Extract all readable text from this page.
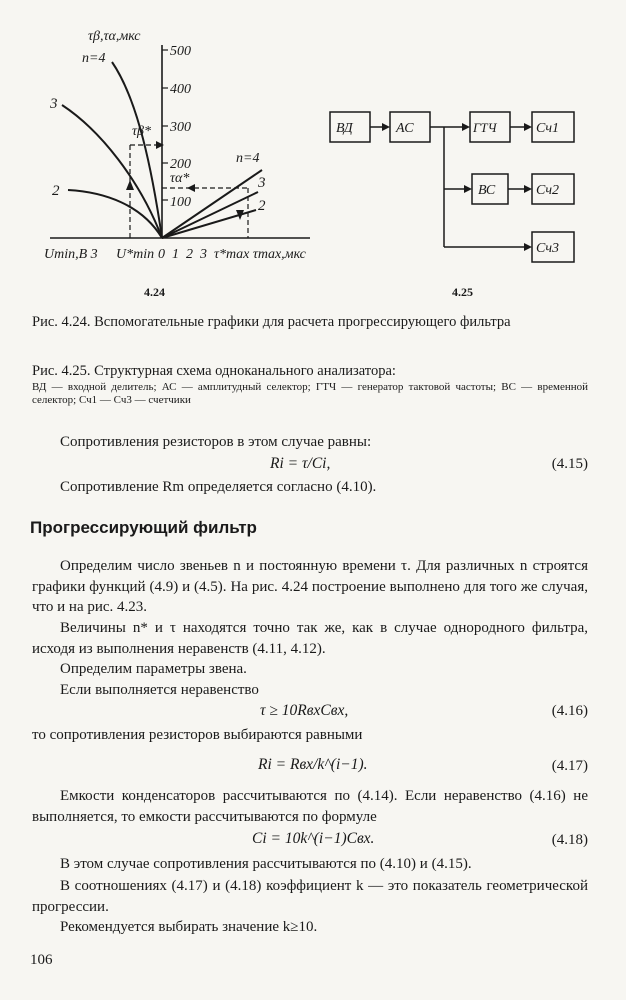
500
400
300
200
100
τβ,τα,мкс
n=4
3
2
τβ*
n=4
3
2
τα*
Umin,В 3 U*min 0  1  2  3 τ*max τmax,мкс
4.24
ВД	АС	ГТЧ	Сч1
ВС	Сч2
Сч3
4.25
Рис. 4.24. Вспомогательные графики для расчета прогрессирующего фильтра
Рис. 4.25. Структурная схема одноканального анализатора:
ВД — входной делитель; АС — амплитудный селектор; ГТЧ — генератор тактовой частоты; ВС — временной селектор; Сч1 — Сч3 — счетчики
Сопротивления резисторов в этом случае равны:
Ri = τ/Ci,	(4.15)
Сопротивление Rm определяется согласно (4.10).
Прогрессирующий фильтр
Определим число звеньев n и постоянную времени τ. Для различных n строятся графики функций (4.9) и (4.5). На рис. 4.24 построение выполнено для того же случая, что и на рис. 4.23.
Величины n* и τ находятся точно так же, как в случае однородного фильтра, исходя из выполнения неравенств (4.11, 4.12).
Определим параметры звена.
Если выполняется неравенство
τ ≥ 10RвхCвх,	(4.16)
то сопротивления резисторов выбираются равными
Ri = Rвх/k^(i−1).	(4.17)
Емкости конденсаторов рассчитываются по (4.14). Если неравенство (4.16) не выполняется, то емкости рассчитываются по формуле
Ci = 10k^(i−1)Cвх.	(4.18)
В этом случае сопротивления рассчитываются по (4.10) и (4.15).
В соотношениях (4.17) и (4.18) коэффициент k — это показатель геометрической прогрессии.
Рекомендуется выбирать значение k≥10.
106
